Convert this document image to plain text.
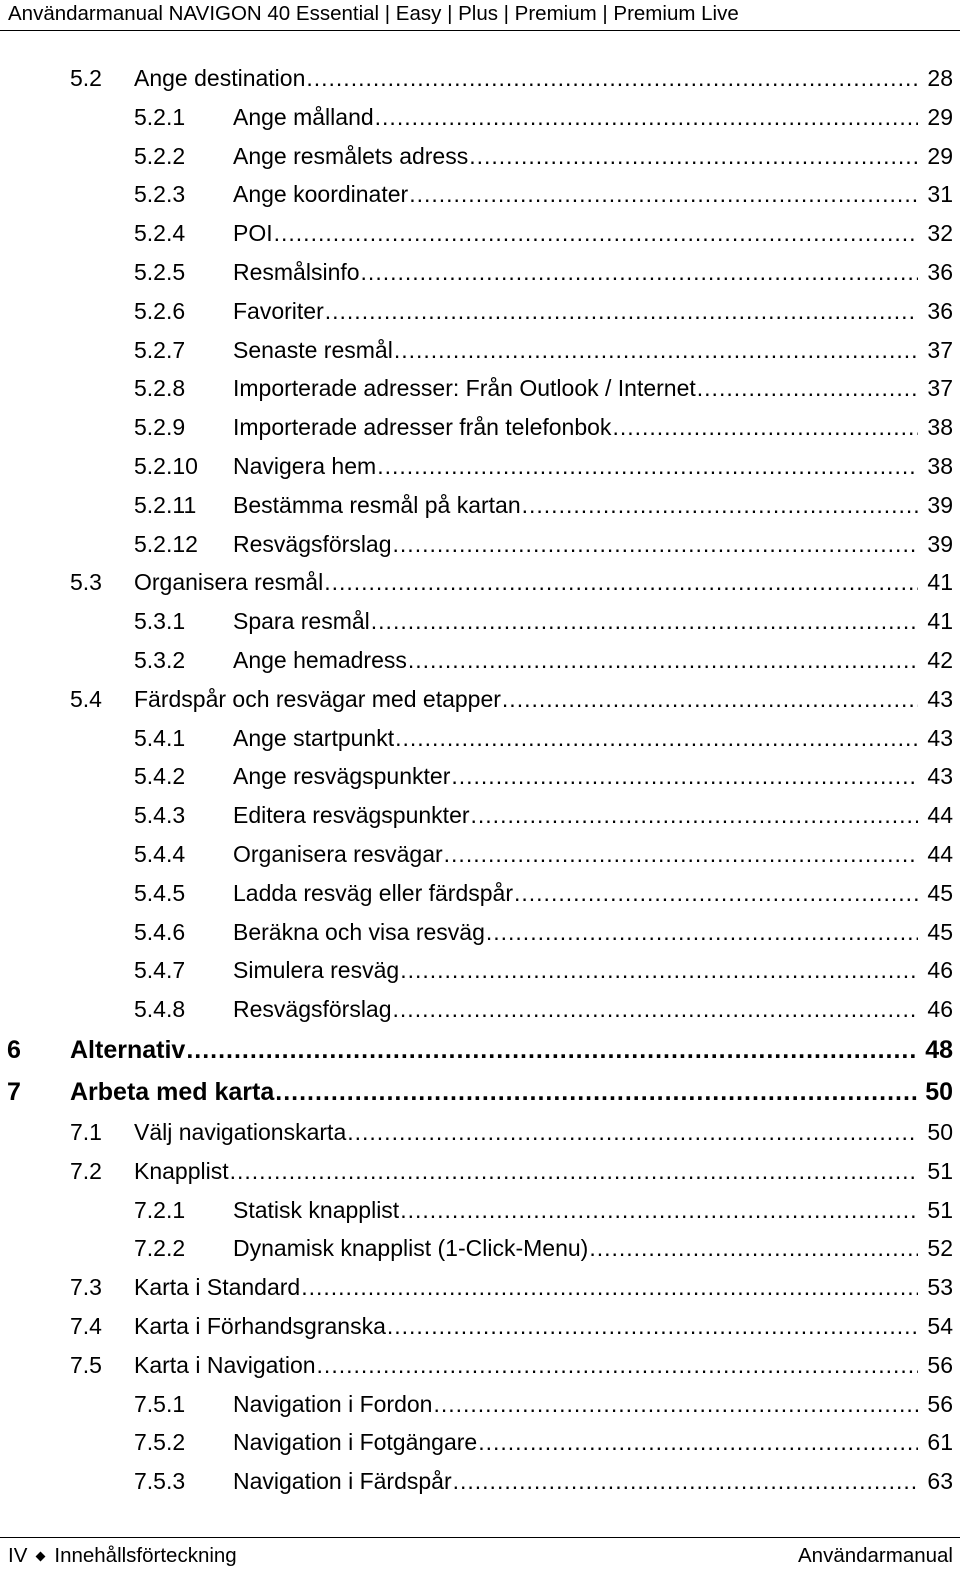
Användarmanual NAVIGON 40 Essential | Easy | Plus | Premium | Premium Live
5.2	Ange destination .....	28
5.2.1	Ange målland .....	29
5.2.2	Ange resmålets adress .....	29
5.2.3	Ange koordinater .....	31
5.2.4	POI .....	32
5.2.5	Resmålsinfo .....	36
5.2.6	Favoriter .....	36
5.2.7	Senaste resmål .....	37
5.2.8	Importerade adresser: Från Outlook / Internet .....	37
5.2.9	Importerade adresser från telefonbok .....	38
5.2.10	Navigera hem .....	38
5.2.11	Bestämma resmål på kartan .....	39
5.2.12	Resvägsförslag .....	39
5.3	Organisera resmål .....	41
5.3.1	Spara resmål .....	41
5.3.2	Ange hemadress .....	42
5.4	Färdspår och resvägar med etapper .....	43
5.4.1	Ange startpunkt .....	43
5.4.2	Ange resvägspunkter .....	43
5.4.3	Editera resvägspunkter .....	44
5.4.4	Organisera resvägar .....	44
5.4.5	Ladda resväg eller färdspår .....	45
5.4.6	Beräkna och visa resväg .....	45
5.4.7	Simulera resväg .....	46
5.4.8	Resvägsförslag .....	46
6	Alternativ .....	48
7	Arbeta med karta .....	50
7.1	Välj navigationskarta .....	50
7.2	Knapplist .....	51
7.2.1	Statisk knapplist .....	51
7.2.2	Dynamisk knapplist (1-Click-Menu) .....	52
7.3	Karta i Standard .....	53
7.4	Karta i Förhandsgranska .....	54
7.5	Karta i Navigation .....	56
7.5.1	Navigation i Fordon .....	56
7.5.2	Navigation i Fotgängare .....	61
7.5.3	Navigation i Färdspår .....	63
IV Innehållsförteckning	Användarmanual
